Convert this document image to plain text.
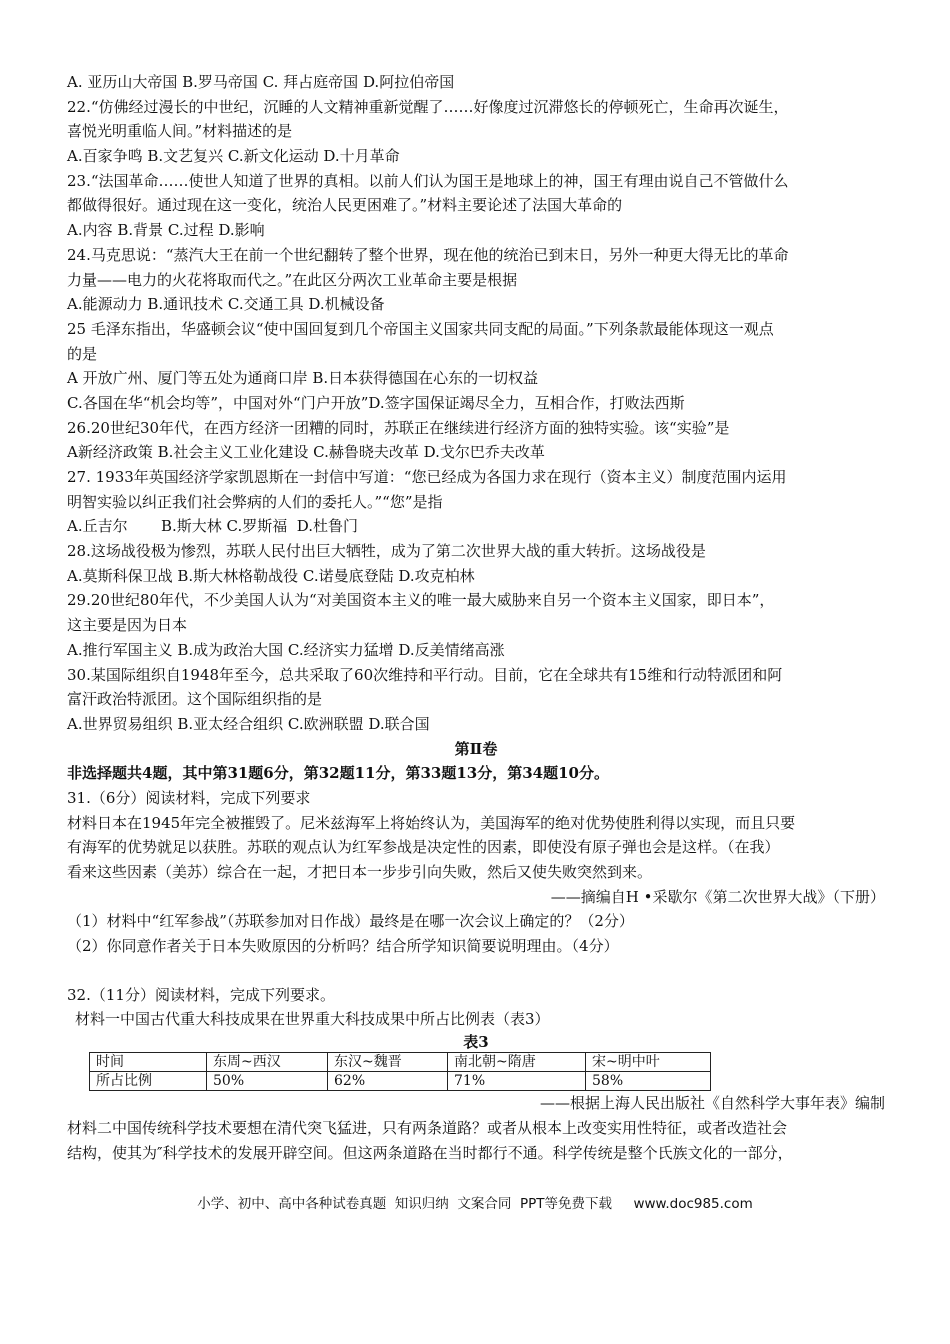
A. 亚历山大帝国 B.罗马帝国 C. 拜占庭帝国 D.阿拉伯帝国
22.“仿佛经过漫长的中世纪，沉睡的人文精神重新觉醒了……好像度过沉滞悠长的停顿死亡，生命再次诞生，
喜悦光明重临人间。”材料描述的是
A.百家争鸣 B.文艺复兴 C.新文化运动 D.十月革命
23.“法国革命……使世人知道了世界的真相。以前人们认为国王是地球上的神，国王有理由说自己不管做什么
都做得很好。通过现在这一变化，统治人民更困难了。”材料主要论述了法国大革命的
A.内容 B.背景 C.过程 D.影响
24.马克思说：“蒸汽大王在前一个世纪翻转了整个世界，现在他的统治已到末日，另外一种更大得无比的革命
力量——电力的火花将取而代之。”在此区分两次工业革命主要是根据
A.能源动力 B.通讯技术 C.交通工具 D.机械设备
25 毛泽东指出，华盛顿会议“使中国回复到几个帝国主义国家共同支配的局面。”下列条款最能体现这一观点
的是
A 开放广州、厦门等五处为通商口岸 B.日本获得德国在心东的一切权益
C.各国在华“机会均等”，中国对外“门户开放”D.签字国保证竭尽全力，互相合作，打败法西斯
26.20世纪30年代，在西方经济一团糟的同时，苏联正在继续进行经济方面的独特实验。该“实验”是
A新经济政策 B.社会主义工业化建设 C.赫鲁晓夫改革 D.戈尔巴乔夫改革
27. 1933年英国经济学家凯恩斯在一封信中写道：“您已经成为各国力求在现行（资本主义）制度范围内运用
明智实验以纠正我们社会弊病的人们的委托人。”“您”是指
A.丘吉尔       B.斯大林 C.罗斯福  D.杜鲁门
28.这场战役极为惨烈，苏联人民付出巨大牺牲，成为了第二次世界大战的重大转折。这场战役是
A.莫斯科保卫战 B.斯大林格勒战役 C.诺曼底登陆 D.攻克柏林
29.20世纪80年代，不少美国人认为“对美国资本主义的唯一最大威胁来自另一个资本主义国家，即日本”，
这主要是因为日本
A.推行军国主义 B.成为政治大国 C.经济实力猛增 D.反美情绪高涨
30.某国际组织自1948年至今，总共采取了60次维持和平行动。目前，它在全球共有15维和行动特派团和阿
富汗政治特派团。这个国际组织指的是
A.世界贸易组织 B.亚太经合组织 C.欧洲联盟 D.联合国
第Ⅱ卷
非选择题共4题，其中第31题6分，第32题11分，第33题13分，第34题10分。
31.（6分）阅读材料，完成下列要求
材料日本在1945年完全被摧毁了。尼米兹海军上将始终认为，美国海军的绝对优势使胜利得以实现，而且只要
有海军的优势就足以获胜。苏联的观点认为红军参战是决定性的因素，即使没有原子弹也会是这样。（在我）
看来这些因素（美苏）综合在一起，才把日本一步步引向失败，然后又使失败突然到来。
——摘编自H •采歇尔《第二次世界大战》（下册）
（1）材料中“红军参战”（苏联参加对日作战）最终是在哪一次会议上确定的？（2分）
（2）你同意作者关于日本失败原因的分析吗？结合所学知识简要说明理由。（4分）
32.（11分）阅读材料，完成下列要求。
材料一中国古代重大科技成果在世界重大科技成果中所占比例表（表3）
表3
时间	东周~西汉	东汉~魏晋	南北朝~隋唐	宋~明中叶
所占比例	50%	62%	71%	58%
——根据上海人民出版社《自然科学大事年表》编制
材料二中国传统科学技术要想在清代突飞猛进，只有两条道路？或者从根本上改变实用性特征，或者改造社会
结构，使其为″科学技术的发展开辟空间。但这两条道路在当时都行不通。科学传统是整个氏族文化的一部分，
小学、初中、高中各种试卷真题  知识归纳  文案合同  PPT等免费下载     www.doc985.com
